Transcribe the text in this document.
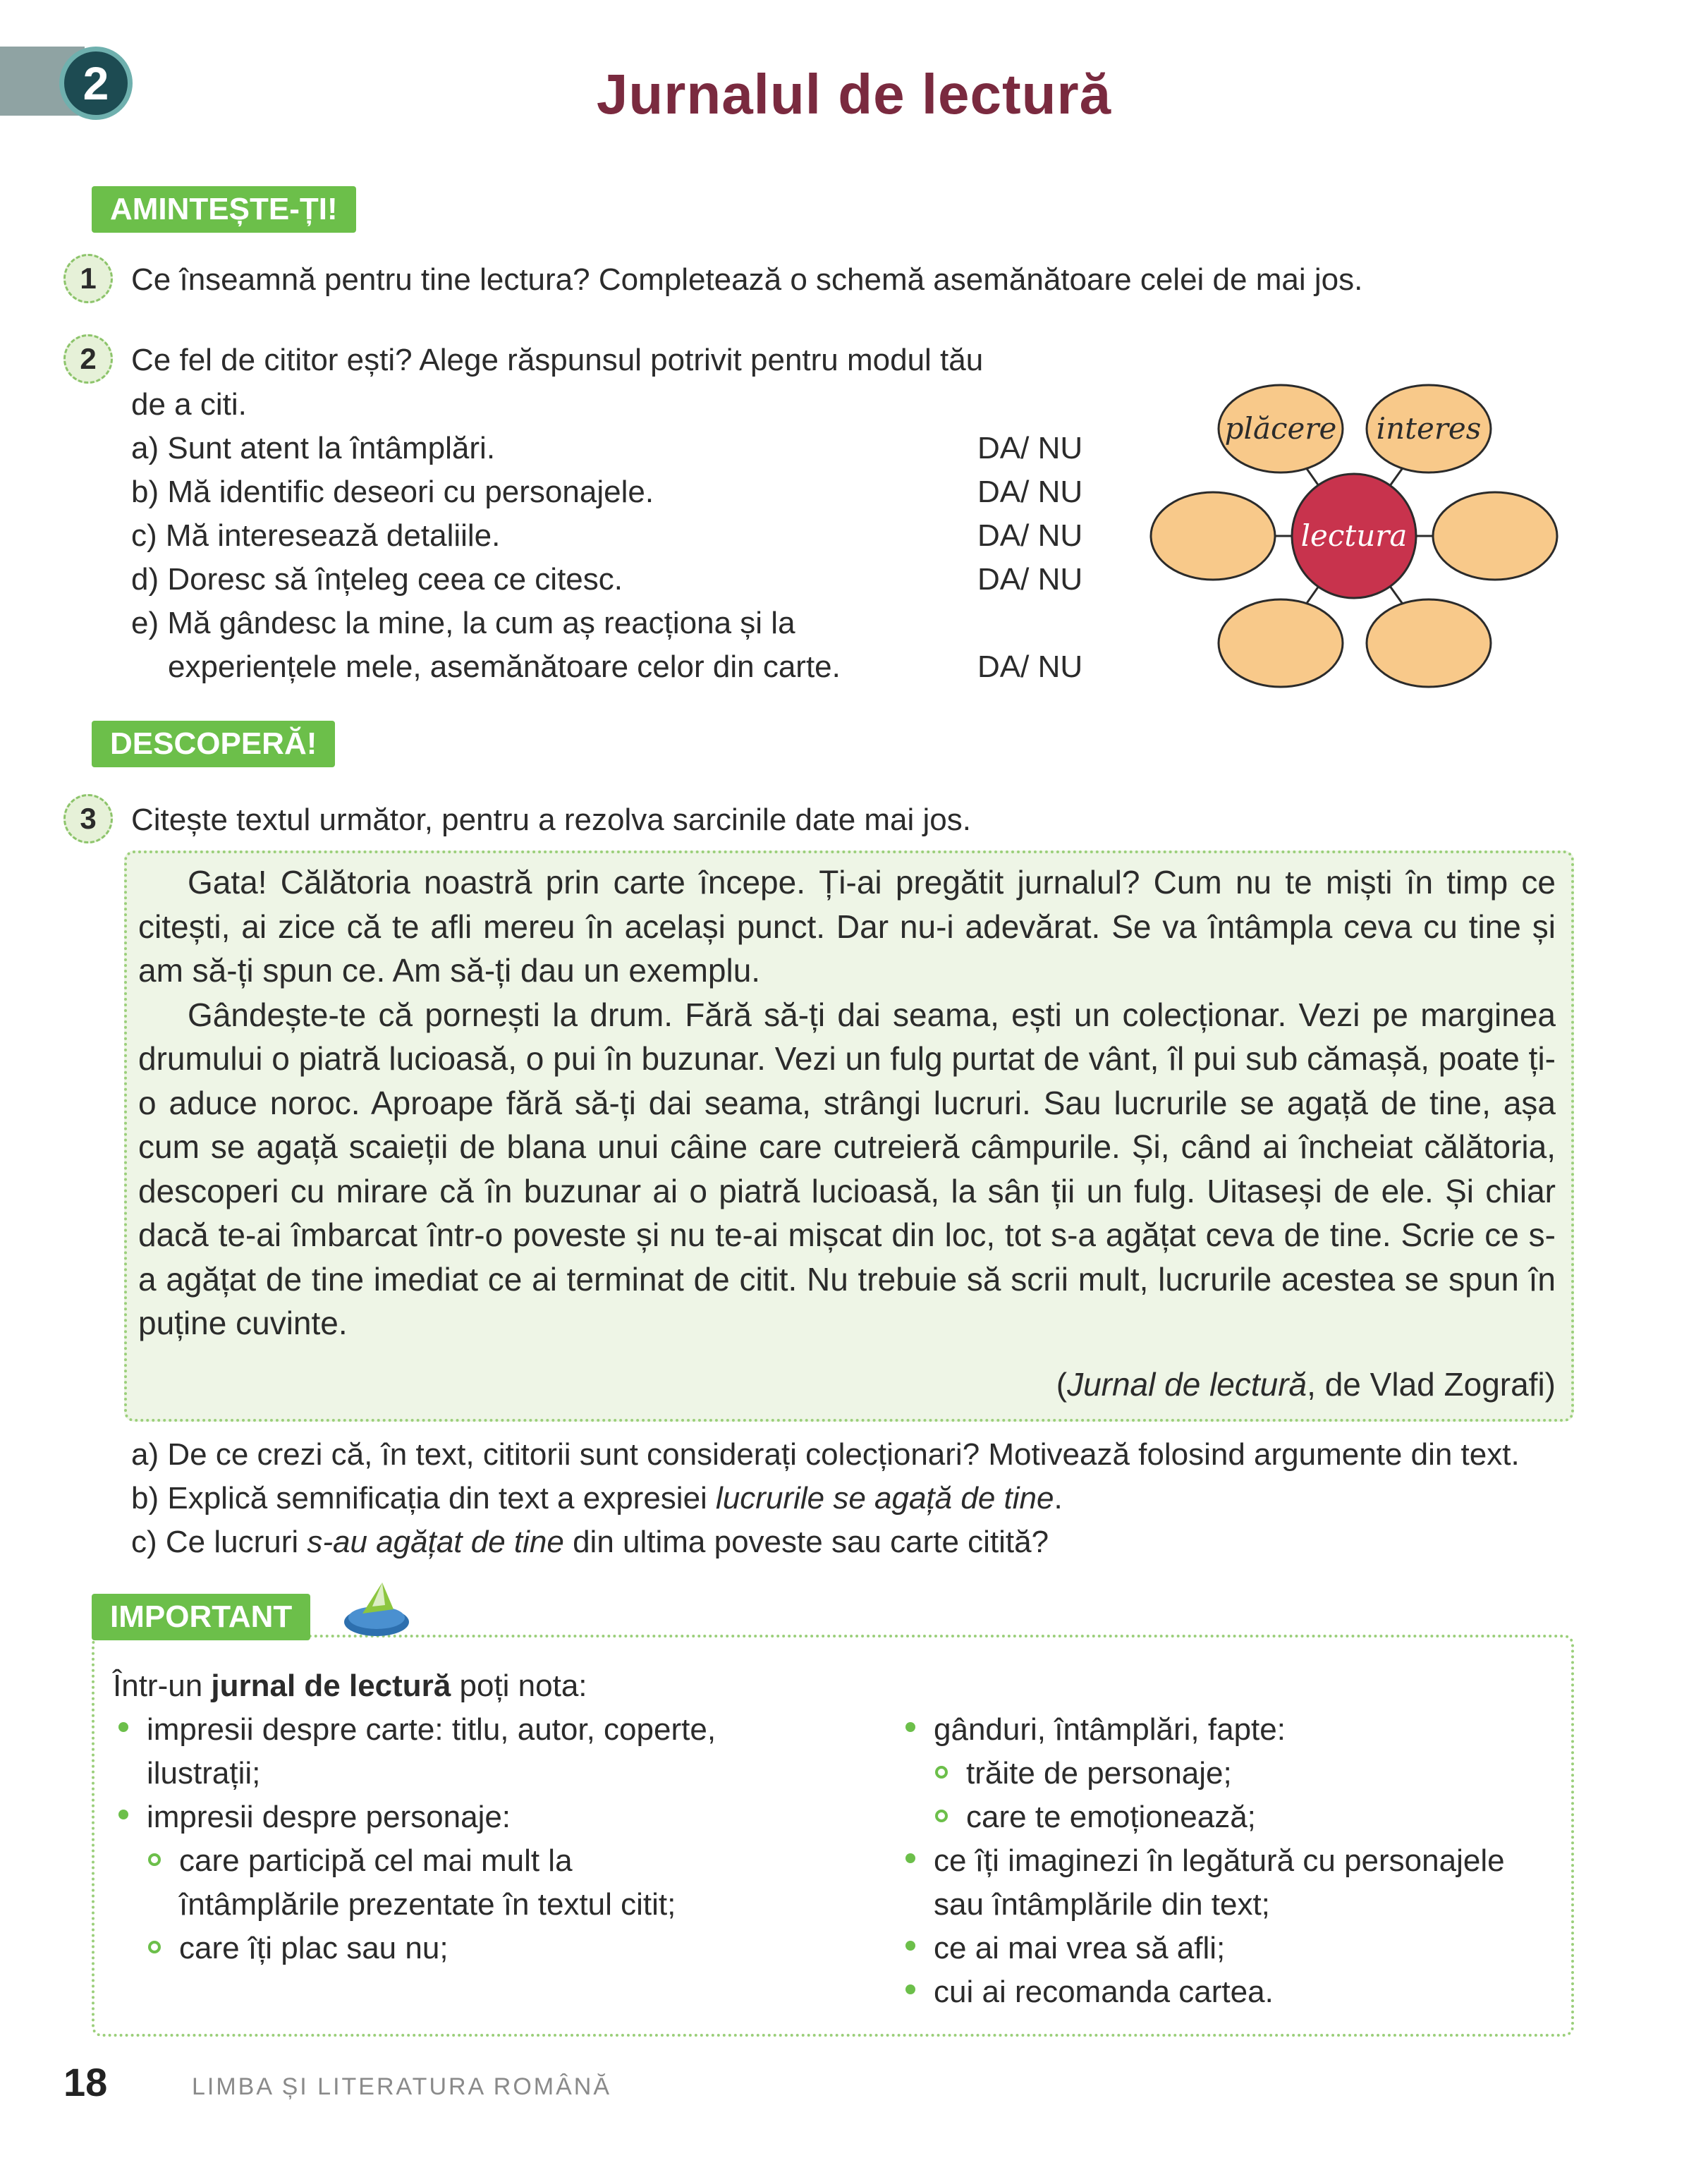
2	Jurnalul de lectură
AMINTEȘTE-ȚI!
1	Ce înseamnă pentru tine lectura? Completează o schemă asemănătoare celei de mai jos.
2	Ce fel de cititor ești? Alege răspunsul potrivit pentru modul tău
de a citi.
a) Sunt atent la întâmplări.	DA/ NU
b) Mă identific deseori cu personajele.	DA/ NU
c) Mă interesează detaliile.	DA/ NU
d) Doresc să înțeleg ceea ce citesc.	DA/ NU
e) Mă gândesc la mine, la cum aș reacționa și la
experiențele mele, asemănătoare celor din carte.	DA/ NU
plăcere interes
lectura
DESCOPERĂ!
3	Citește textul următor, pentru a rezolva sarcinile date mai jos.

Gata! Călătoria noastră prin carte începe. Ți-ai pregătit jurnalul? Cum nu te miști în timp ce citești, ai zice că te afli mereu în același punct. Dar nu-i adevărat. Se va întâmpla ceva cu tine și am să-ți spun ce. Am să-ți dau un exemplu.

Gândește-te că pornești la drum. Fără să-ți dai seama, ești un colecționar. Vezi pe marginea drumului o piatră lucioasă, o pui în buzunar. Vezi un fulg purtat de vânt, îl pui sub cămașă, poate ți-o aduce noroc. Aproape fără să-ți dai seama, strângi lucruri. Sau lucrurile se agață de tine, așa cum se agață scaieții de blana unui câine care cutreieră câmpurile. Și, când ai încheiat călătoria, descoperi cu mirare că în buzunar ai o piatră lucioasă, la sân ții un fulg. Uitaseși de ele. Și chiar dacă te-ai îmbarcat într-o poveste și nu te-ai mișcat din loc, tot s-a agățat ceva de tine. Scrie ce s-a agățat de tine imediat ce ai terminat de citit. Nu trebuie să scrii mult, lucrurile acestea se spun în puține cuvinte.

(Jurnal de lectură, de Vlad Zografi)
a) De ce crezi că, în text, cititorii sunt considerați colecționari? Motivează folosind argumente din text.
b) Explică semnificația din text a expresiei lucrurile se agață de tine.
c) Ce lucruri s-au agățat de tine din ultima poveste sau carte citită?
IMPORTANT
Într-un jurnal de lectură poți nota:
impresii despre carte: titlu, autor, coperte,
ilustrații;
impresii despre personaje:
care participă cel mai mult la
întâmplările prezentate în textul citit;
care îți plac sau nu;
gânduri, întâmplări, fapte:
trăite de personaje;
care te emoționează;
ce îți imaginezi în legătură cu personajele
sau întâmplările din text;
ce ai mai vrea să afli;
cui ai recomanda cartea.
18	LIMBA ȘI LITERATURA ROMÂNĂ
